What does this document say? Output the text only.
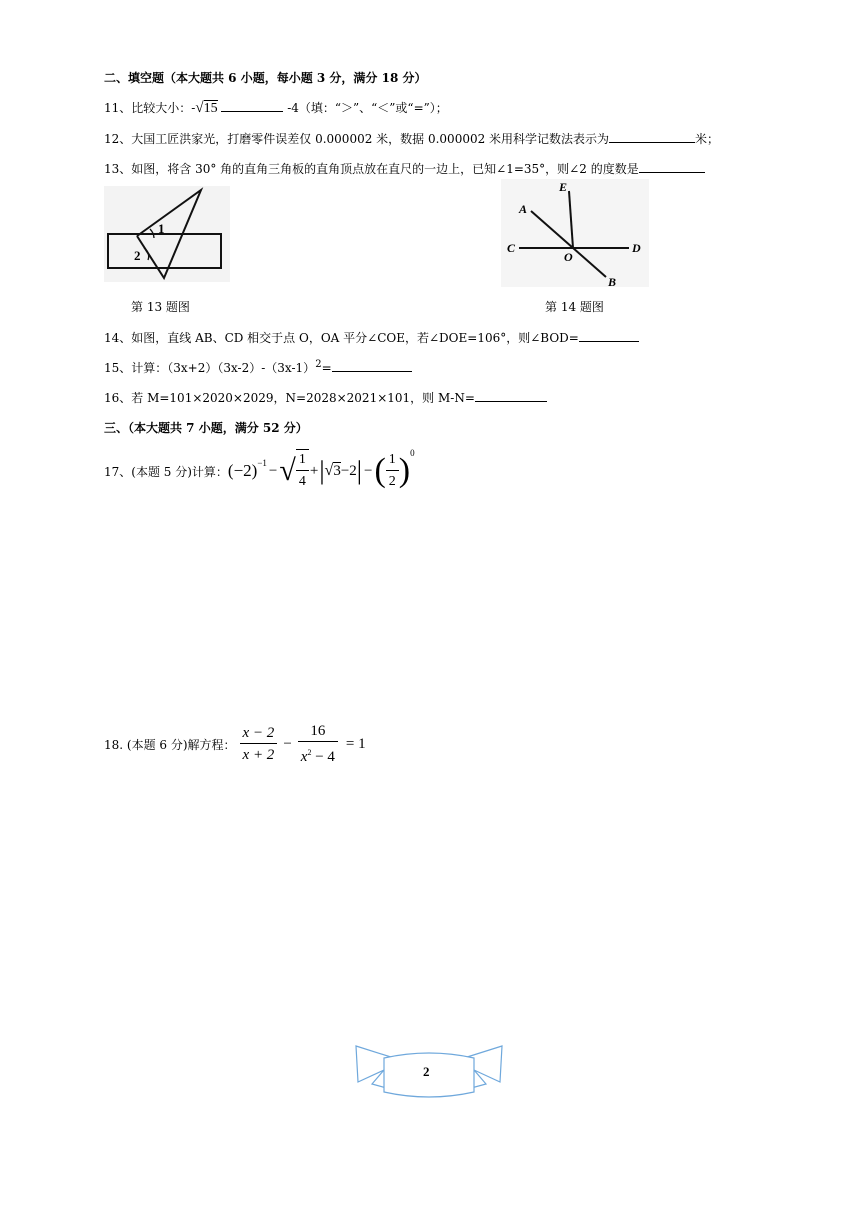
二、填空题（本大题共 6 小题，每小题 3 分，满分 18 分）
11、比较大小：-√15	-4（填：“＞”、“＜”或“=”）；
12、大国工匠洪家光，打磨零件误差仅 0.000002 米，数据 0.000002 米用科学记数法表示为	米；
13、如图，将含 30° 角的直角三角板的直角顶点放在直尺的一边上，已知∠1=35°，则∠2 的度数是
1
2
第 13 题图
E
A
C
O
D
B
第 14 题图
14、如图，直线 AB、CD 相交于点 O，OA 平分∠COE，若∠DOE=106°，则∠BOD=
15、计算：$(3x+2)(3x-2)-(3x-1)^2=$
16、若 M=101×2020×2029，N=2028×2021×101，则 M-N=
三、（本大题共 7 小题，满分 52 分）
17、(本题 5 分)计算： $(-2)^{-1}$ − √ $\frac{1}{4}$ + | √ 3 −2 | − ( $\frac{1}{2} )^0$
18. (本题 6 分)解方程： $\frac{x - 2}{x + 2} - \frac{16}{x^2 - 4} = 1$
2
